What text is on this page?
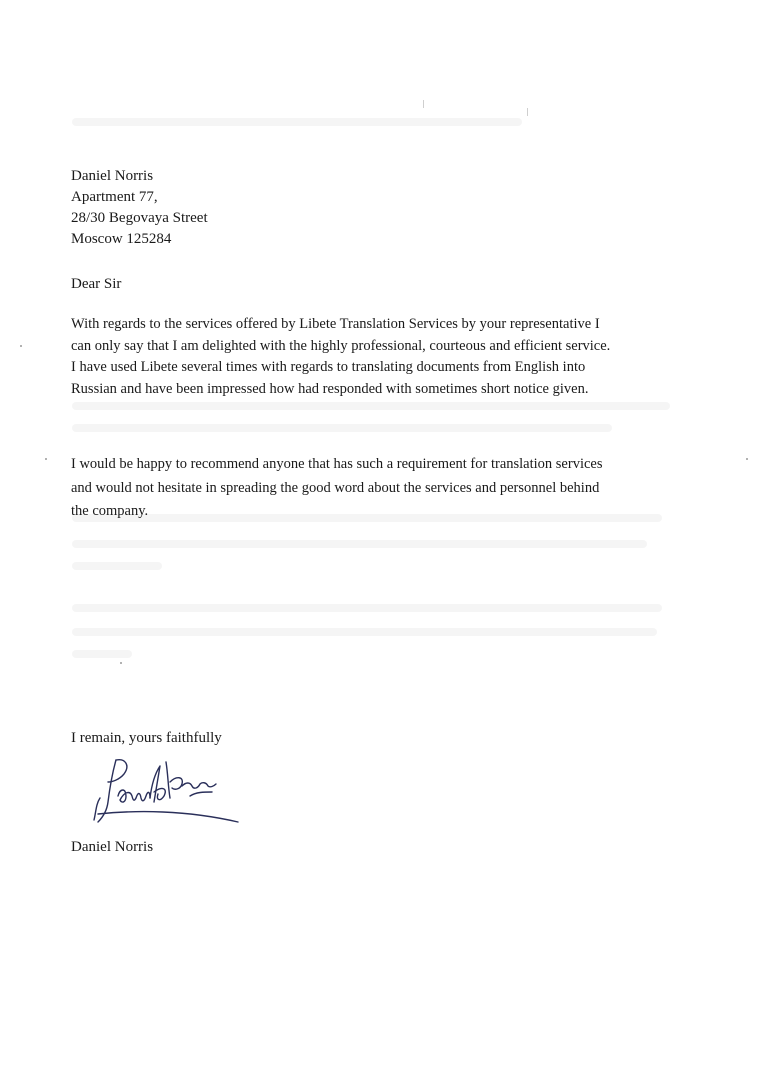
Daniel Norris
Apartment 77,
28/30 Begovaya Street
Moscow 125284
Dear Sir
With regards to the services offered by Libete Translation Services by your representative I
can only say that I am delighted with the highly professional, courteous and efficient service.
I have used Libete several times with regards to translating documents from English into
Russian and have been impressed how had responded with sometimes short notice given.
I would be happy to recommend anyone that has such a requirement for translation services
and would not hesitate in spreading the good word about the services and personnel behind
the company.
I remain, yours faithfully
Daniel Norris
